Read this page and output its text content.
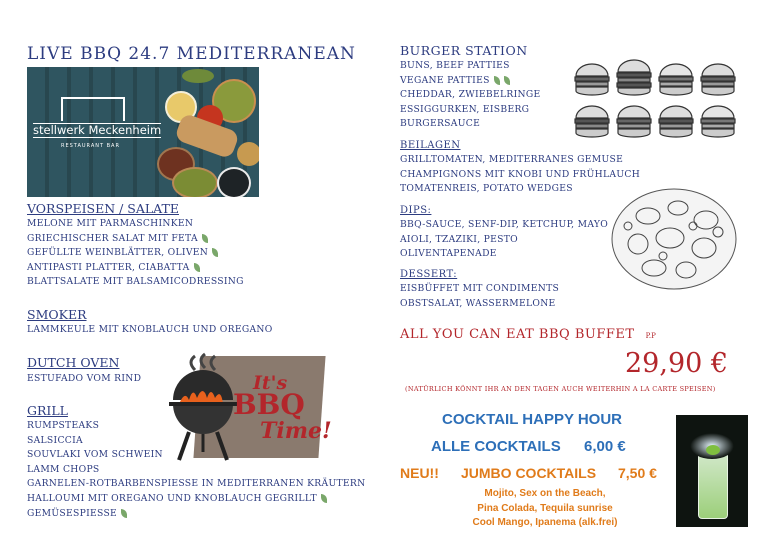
LIVE BBQ 24.7 MEDITERRANEAN
stellwerk Meckenheim
RESTAURANT BAR
VORSPEISEN / SALATE
MELONE MIT PARMASCHINKEN
GRIECHISCHER SALAT MIT FETA
GEFÜLLTE WEINBLÄTTER, OLIVEN
ANTIPASTI PLATTER, CIABATTA
BLATTSALATE MIT BALSAMICODRESSING
SMOKER
LAMMKEULE MIT KNOBLAUCH UND OREGANO
DUTCH OVEN
ESTUFADO VOM RIND
GRILL
RUMPSTEAKS
SALSICCIA
SOUVLAKI VOM SCHWEIN
LAMM CHOPS
GARNELEN-ROTBARBENSPIESSE IN MEDITERRANEN KRÄUTERN
HALLOUMI MIT OREGANO UND KNOBLAUCH GEGRILLT
GEMÜSESPIESSE
It's
BBQ
Time!
BURGER STATION
BUNS, BEEF PATTIES
VEGANE PATTIES
CHEDDAR, ZWIEBELRINGE
ESSIGGURKEN, EISBERG
BURGERSAUCE
BEILAGEN
GRILLTOMATEN, MEDITERRANES GEMUSE
CHAMPIGNONS MIT KNOBI UND FRÜHLAUCH
TOMATENREIS, POTATO WEDGES
DIPS:
BBQ-SAUCE, SENF-DIP, KETCHUP, MAYO
AIOLI, TZAZIKI, PESTO
OLIVENTAPENADE
DESSERT:
EISBÜFFET MIT CONDIMENTS
OBSTSALAT, WASSERMELONE
ALL YOU CAN EAT BBQ BUFFET P.P
29,90 €
(NATÜRLICH KÖNNT IHR AN DEN TAGEN AUCH WEITERHIN A LA CARTE SPEISEN)
COCKTAIL HAPPY HOUR
ALLE COCKTAILS 6,00 €
NEU!! JUMBO COCKTAILS 7,50 €
Mojito, Sex on the Beach,
Pina Colada, Tequila sunrise
Cool Mango, Ipanema (alk.frei)
